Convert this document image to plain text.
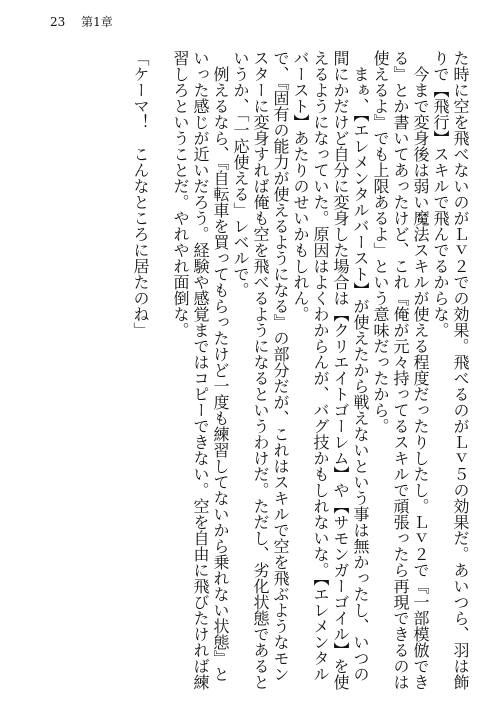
23 第1章

た時に空を飛べないのがＬｖ２での効果。飛べるのがＬｖ５の効果だ。あいつら、羽は飾りで【飛行】スキルで飛んでるからな。

今まで変身後は弱い魔法スキルが使える程度だったりしたし。Ｌｖ２で『一部模倣できる』とか書いてあったけど、これ『俺が元々持ってるスキルで頑張ったら再現できるのは使えるよ』でも上限あるよ」という意味だったから。

まぁ、【エレメンタルバースト】が使えたから戦えないという事は無かったし、いつの間にかだけど自分に変身した場合は【クリエイトゴーレム】や【サモンガーゴイル】を使えるようになっていた。原因はよくわからんが、バグ技かもしれないな。【エレメンタルバースト】あたりのせいかもしれん。

で、『固有の能力が使えるようになる』の部分だが、これはスキルで空を飛ぶようなモンスターに変身すれば俺も空を飛べるようになるというわけだ。ただし、劣化状態であるというか、「一応使える」レベルで。

例えるなら、『自転車を買ってもらったけど一度も練習してないから乗れない状態』といった感じが近いだろう。経験や感覚まではコピーできない。空を自由に飛びたければ練習しろということだ。やれやれ面倒な。

「ケーマ！　こんなところに居たのね」
